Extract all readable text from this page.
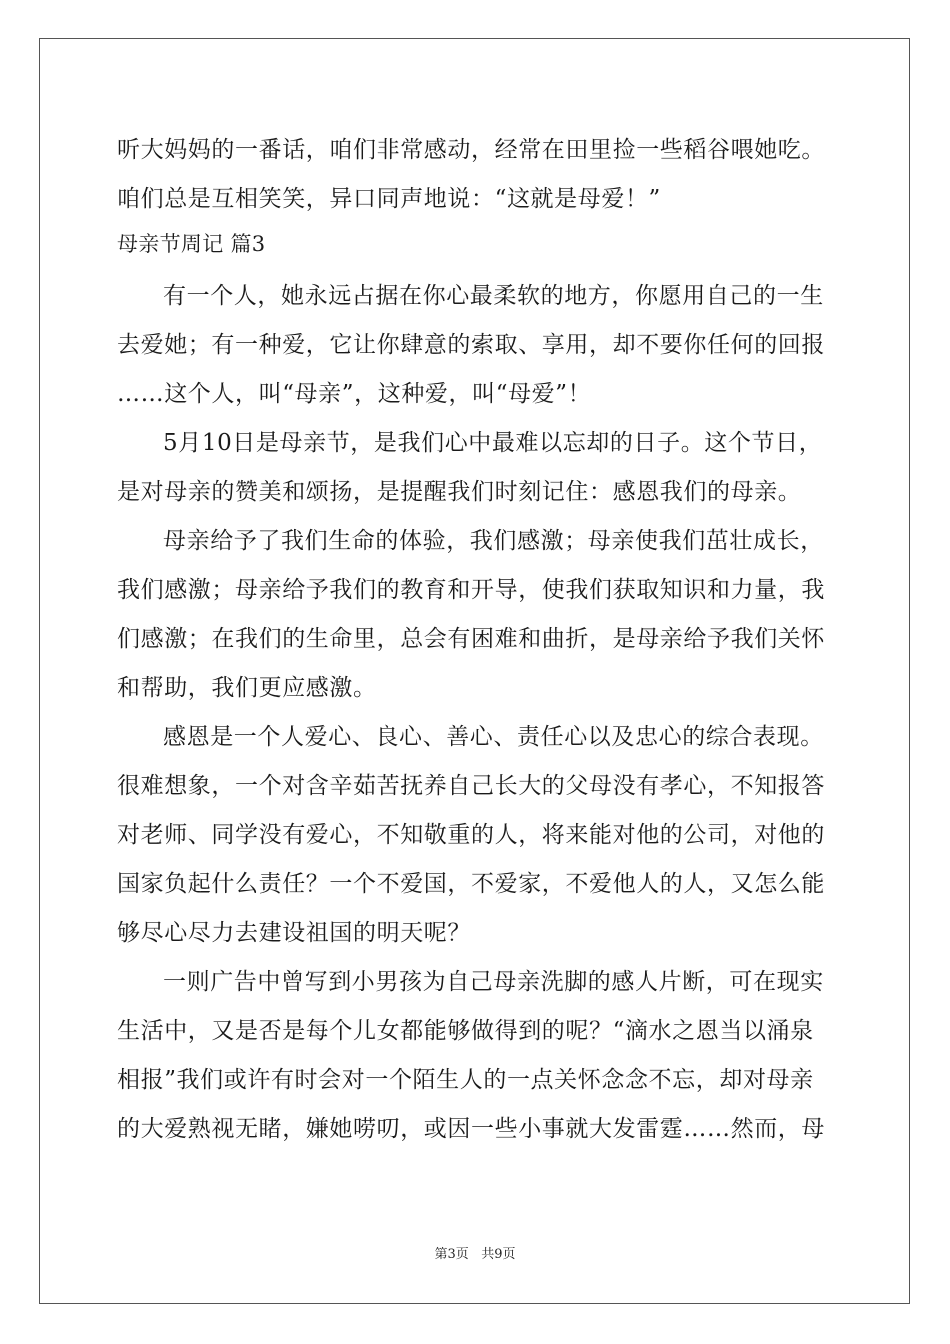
听大妈妈的一番话，咱们非常感动，经常在田里捡一些稻谷喂她吃。
咱们总是互相笑笑，异口同声地说：“这就是母爱！”
母亲节周记 篇3
有一个人，她永远占据在你心最柔软的地方，你愿用自己的一生
去爱她；有一种爱，它让你肆意的索取、享用，却不要你任何的回报
……这个人，叫“母亲”，这种爱，叫“母爱”！
5月10日是母亲节，是我们心中最难以忘却的日子。这个节日，
是对母亲的赞美和颂扬，是提醒我们时刻记住：感恩我们的母亲。
母亲给予了我们生命的体验，我们感激；母亲使我们茁壮成长，
我们感激；母亲给予我们的教育和开导，使我们获取知识和力量，我
们感激；在我们的生命里，总会有困难和曲折，是母亲给予我们关怀
和帮助，我们更应感激。
感恩是一个人爱心、良心、善心、责任心以及忠心的综合表现。
很难想象，一个对含辛茹苦抚养自己长大的父母没有孝心，不知报答
对老师、同学没有爱心，不知敬重的人，将来能对他的公司，对他的
国家负起什么责任？一个不爱国，不爱家，不爱他人的人，又怎么能
够尽心尽力去建设祖国的明天呢？
一则广告中曾写到小男孩为自己母亲洗脚的感人片断，可在现实
生活中，又是否是每个儿女都能够做得到的呢？“滴水之恩当以涌泉
相报”我们或许有时会对一个陌生人的一点关怀念念不忘，却对母亲
的大爱熟视无睹，嫌她唠叨，或因一些小事就大发雷霆……然而，母
第3页 共9页
